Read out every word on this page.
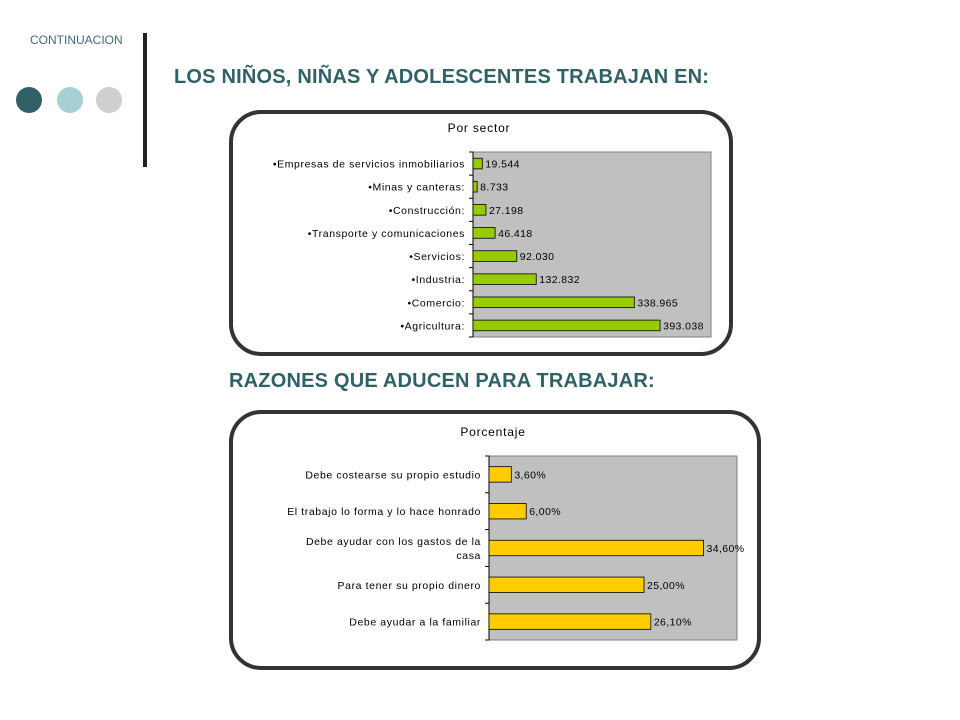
CONTINUACION
LOS NIÑOS, NIÑAS Y ADOLESCENTES TRABAJAN EN:
RAZONES QUE ADUCEN PARA TRABAJAR:
Por sector
19.544
•Empresas de servicios inmobiliarios
8.733
•Minas y canteras:
27.198
•Construcción:
46.418
•Transporte y comunicaciones
92.030
•Servicios:
132.832
•Industria:
338.965
•Comercio:
393.038
•Agricultura:
Porcentaje
3,60%
Debe costearse su propio estudio
6,00%
El trabajo lo forma y lo hace honrado
34,60%
Debe ayudar con los gastos de la
casa
25,00%
Para tener su propio dinero
26,10%
Debe ayudar a la familiar
